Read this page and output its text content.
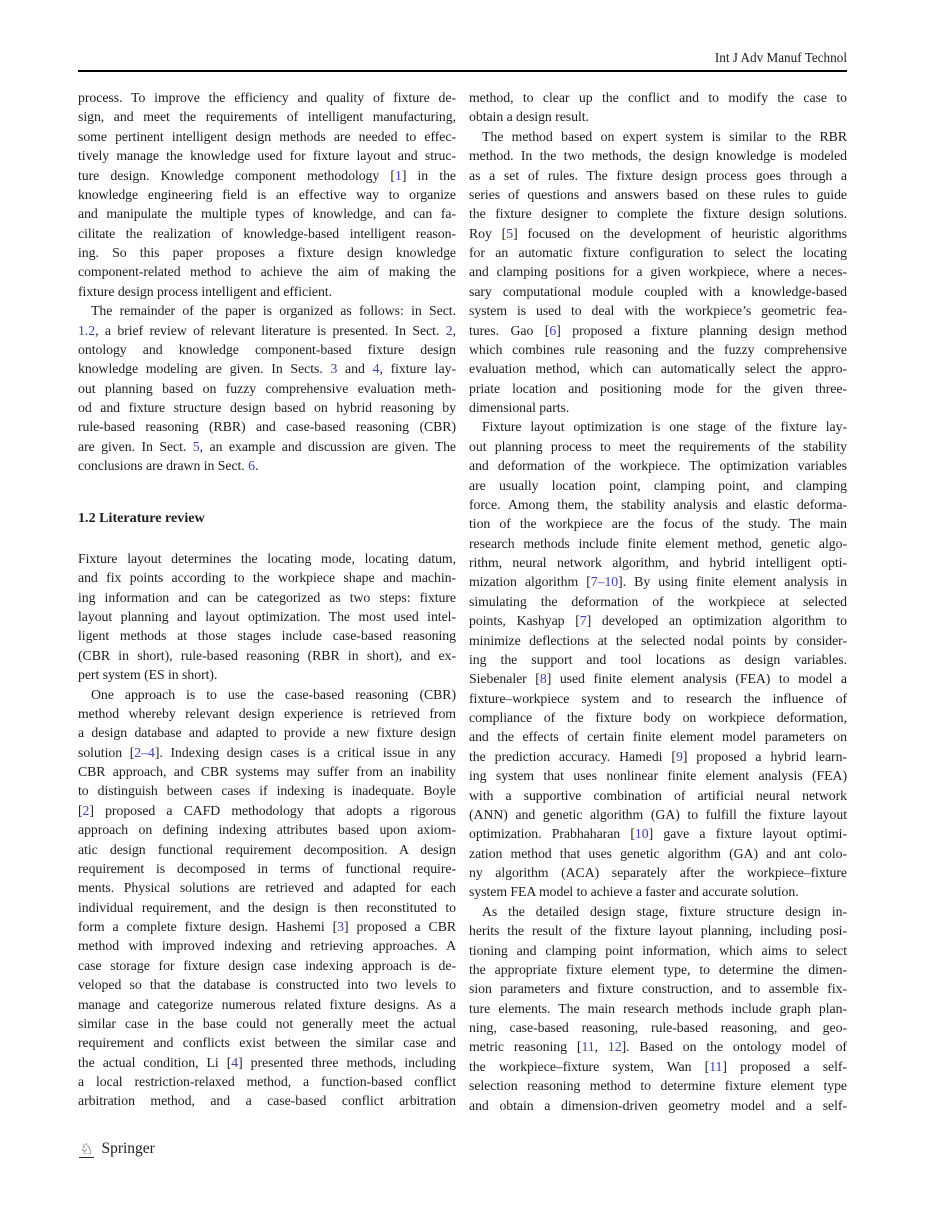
Int J Adv Manuf Technol
process. To improve the efficiency and quality of fixture de-
sign, and meet the requirements of intelligent manufacturing,
some pertinent intelligent design methods are needed to effec-
tively manage the knowledge used for fixture layout and struc-
ture design. Knowledge component methodology [1] in the
knowledge engineering field is an effective way to organize
and manipulate the multiple types of knowledge, and can fa-
cilitate the realization of knowledge-based intelligent reason-
ing. So this paper proposes a fixture design knowledge
component-related method to achieve the aim of making the
fixture design process intelligent and efficient.
The remainder of the paper is organized as follows: in Sect.
1.2, a brief review of relevant literature is presented. In Sect. 2,
ontology and knowledge component-based fixture design
knowledge modeling are given. In Sects. 3 and 4, fixture lay-
out planning based on fuzzy comprehensive evaluation meth-
od and fixture structure design based on hybrid reasoning by
rule-based reasoning (RBR) and case-based reasoning (CBR)
are given. In Sect. 5, an example and discussion are given. The
conclusions are drawn in Sect. 6.
1.2 Literature review
Fixture layout determines the locating mode, locating datum,
and fix points according to the workpiece shape and machin-
ing information and can be categorized as two steps: fixture
layout planning and layout optimization. The most used intel-
ligent methods at those stages include case-based reasoning
(CBR in short), rule-based reasoning (RBR in short), and ex-
pert system (ES in short).
One approach is to use the case-based reasoning (CBR)
method whereby relevant design experience is retrieved from
a design database and adapted to provide a new fixture design
solution [2–4]. Indexing design cases is a critical issue in any
CBR approach, and CBR systems may suffer from an inability
to distinguish between cases if indexing is inadequate. Boyle
[2] proposed a CAFD methodology that adopts a rigorous
approach on defining indexing attributes based upon axiom-
atic design functional requirement decomposition. A design
requirement is decomposed in terms of functional require-
ments. Physical solutions are retrieved and adapted for each
individual requirement, and the design is then reconstituted to
form a complete fixture design. Hashemi [3] proposed a CBR
method with improved indexing and retrieving approaches. A
case storage for fixture design case indexing approach is de-
veloped so that the database is constructed into two levels to
manage and categorize numerous related fixture designs. As a
similar case in the base could not generally meet the actual
requirement and conflicts exist between the similar case and
the actual condition, Li [4] presented three methods, including
a local restriction-relaxed method, a function-based conflict
arbitration method, and a case-based conflict arbitration
method, to clear up the conflict and to modify the case to
obtain a design result.
The method based on expert system is similar to the RBR
method. In the two methods, the design knowledge is modeled
as a set of rules. The fixture design process goes through a
series of questions and answers based on these rules to guide
the fixture designer to complete the fixture design solutions.
Roy [5] focused on the development of heuristic algorithms
for an automatic fixture configuration to select the locating
and clamping positions for a given workpiece, where a neces-
sary computational module coupled with a knowledge-based
system is used to deal with the workpiece’s geometric fea-
tures. Gao [6] proposed a fixture planning design method
which combines rule reasoning and the fuzzy comprehensive
evaluation method, which can automatically select the appro-
priate location and positioning mode for the given three-
dimensional parts.
Fixture layout optimization is one stage of the fixture lay-
out planning process to meet the requirements of the stability
and deformation of the workpiece. The optimization variables
are usually location point, clamping point, and clamping
force. Among them, the stability analysis and elastic deforma-
tion of the workpiece are the focus of the study. The main
research methods include finite element method, genetic algo-
rithm, neural network algorithm, and hybrid intelligent opti-
mization algorithm [7–10]. By using finite element analysis in
simulating the deformation of the workpiece at selected
points, Kashyap [7] developed an optimization algorithm to
minimize deflections at the selected nodal points by consider-
ing the support and tool locations as design variables.
Siebenaler [8] used finite element analysis (FEA) to model a
fixture–workpiece system and to research the influence of
compliance of the fixture body on workpiece deformation,
and the effects of certain finite element model parameters on
the prediction accuracy. Hamedi [9] proposed a hybrid learn-
ing system that uses nonlinear finite element analysis (FEA)
with a supportive combination of artificial neural network
(ANN) and genetic algorithm (GA) to fulfill the fixture layout
optimization. Prabhaharan [10] gave a fixture layout optimi-
zation method that uses genetic algorithm (GA) and ant colo-
ny algorithm (ACA) separately after the workpiece–fixture
system FEA model to achieve a faster and accurate solution.
As the detailed design stage, fixture structure design in-
herits the result of the fixture layout planning, including posi-
tioning and clamping point information, which aims to select
the appropriate fixture element type, to determine the dimen-
sion parameters and fixture construction, and to assemble fix-
ture elements. The main research methods include graph plan-
ning, case-based reasoning, rule-based reasoning, and geo-
metric reasoning [11, 12]. Based on the ontology model of
the workpiece–fixture system, Wan [11] proposed a self-
selection reasoning method to determine fixture element type
and obtain a dimension-driven geometry model and a self-
♘ Springer
